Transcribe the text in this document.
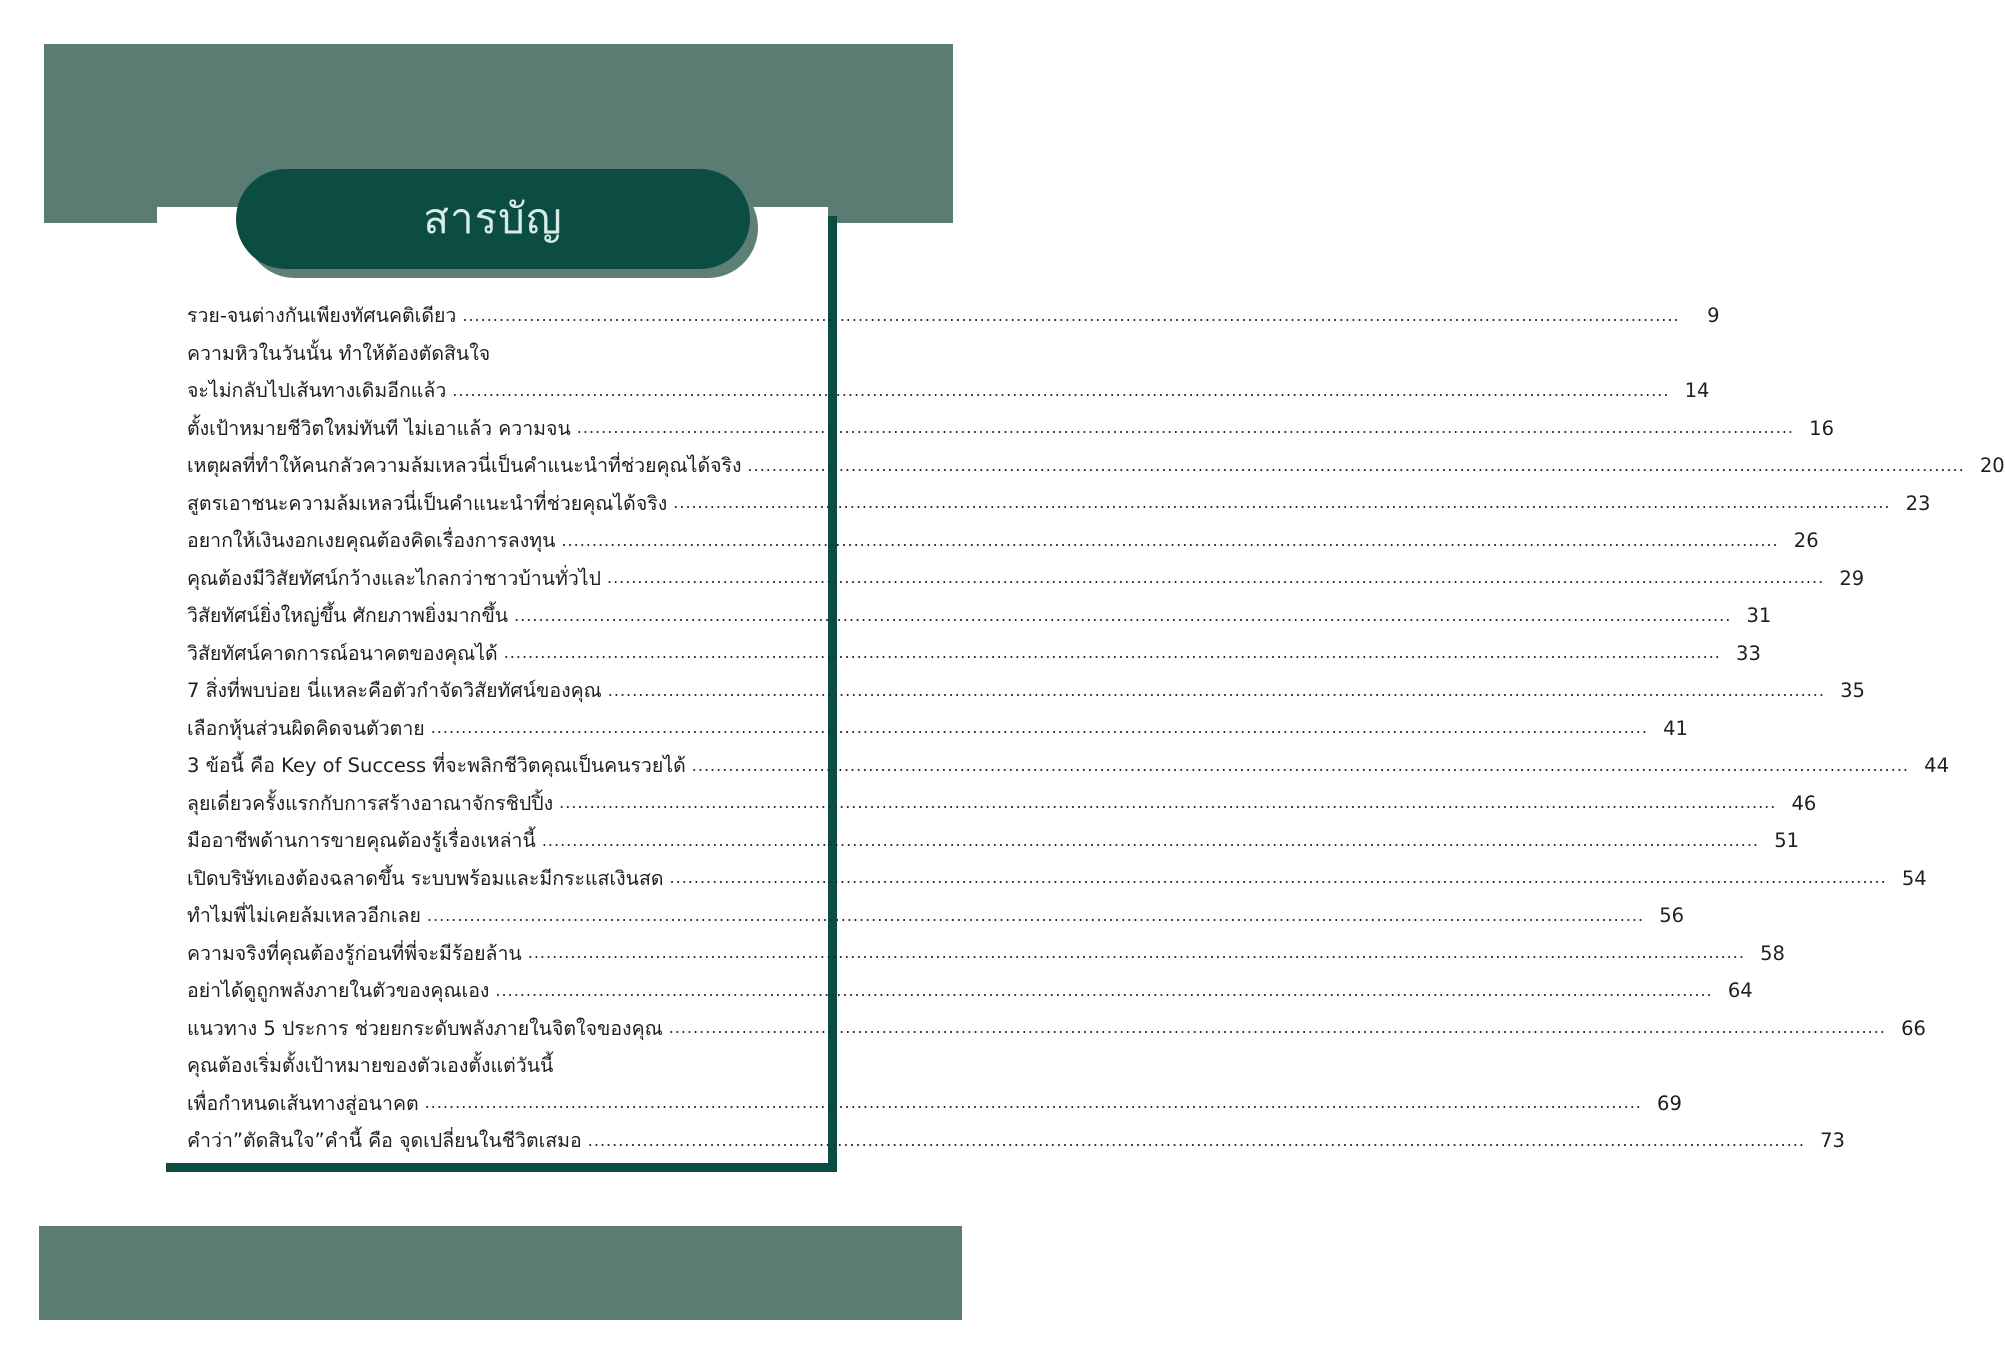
สารบัญ
รวย-จนต่างกันเพียงทัศนคติเดียว ........................................................................................................................................................................................................	9
ความหิวในวันนั้น ทำให้ต้องตัดสินใจ
จะไม่กลับไปเส้นทางเดิมอีกแล้ว ........................................................................................................................................................................................................ 14
ตั้งเป้าหมายชีวิตใหม่ทันที ไม่เอาแล้ว ความจน ........................................................................................................................................................................................................ 16
เหตุผลที่ทำให้คนกลัวความล้มเหลวนี่เป็นคำแนะนำที่ช่วยคุณได้จริง ........................................................................................................................................................................................................ 20
สูตรเอาชนะความล้มเหลวนี่เป็นคำแนะนำที่ช่วยคุณได้จริง ........................................................................................................................................................................................................ 23
อยากให้เงินงอกเงยคุณต้องคิดเรื่องการลงทุน ........................................................................................................................................................................................................ 26
คุณต้องมีวิสัยทัศน์กว้างและไกลกว่าชาวบ้านทั่วไป ........................................................................................................................................................................................................ 29
วิสัยทัศน์ยิ่งใหญ่ขึ้น ศักยภาพยิ่งมากขึ้น ........................................................................................................................................................................................................ 31
วิสัยทัศน์คาดการณ์อนาคตของคุณได้ ........................................................................................................................................................................................................ 33
7 สิ่งที่พบบ่อย นี่แหละคือตัวกำจัดวิสัยทัศน์ของคุณ ........................................................................................................................................................................................................ 35
เลือกหุ้นส่วนผิดคิดจนตัวตาย ........................................................................................................................................................................................................ 41
3 ข้อนี้ คือ Key of Success ที่จะพลิกชีวิตคุณเป็นคนรวยได้ ........................................................................................................................................................................................................ 44
ลุยเดี่ยวครั้งแรกกับการสร้างอาณาจักรชิปปิ้ง ........................................................................................................................................................................................................ 46
มืออาชีพด้านการขายคุณต้องรู้เรื่องเหล่านี้ ........................................................................................................................................................................................................ 51
เปิดบริษัทเองต้องฉลาดขึ้น ระบบพร้อมและมีกระแสเงินสด ........................................................................................................................................................................................................ 54
ทำไมพี่ไม่เคยล้มเหลวอีกเลย ........................................................................................................................................................................................................ 56
ความจริงที่คุณต้องรู้ก่อนที่พี่จะมีร้อยล้าน ........................................................................................................................................................................................................ 58
อย่าได้ดูถูกพลังภายในตัวของคุณเอง ........................................................................................................................................................................................................ 64
แนวทาง 5 ประการ ช่วยยกระดับพลังภายในจิตใจของคุณ ........................................................................................................................................................................................................ 66
คุณต้องเริ่มตั้งเป้าหมายของตัวเองตั้งแต่วันนี้
เพื่อกำหนดเส้นทางสู่อนาคต ........................................................................................................................................................................................................ 69
คำว่า”ตัดสินใจ”คำนี้ คือ จุดเปลี่ยนในชีวิตเสมอ ........................................................................................................................................................................................................ 73
